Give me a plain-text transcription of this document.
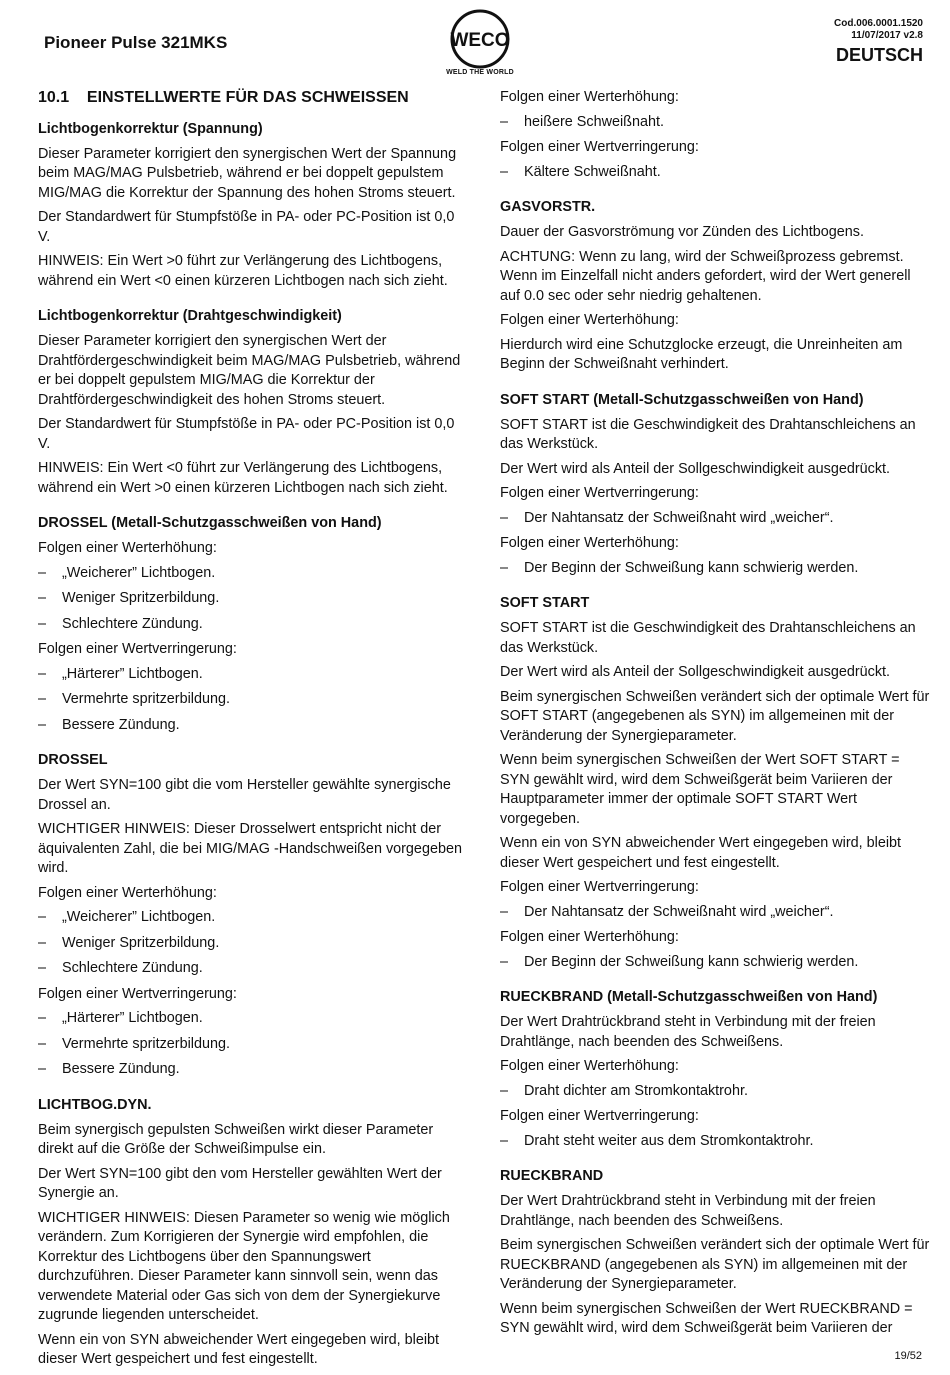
Pioneer Pulse 321MKS	WECO
WELD THE WORLD
Cod.006.0001.1520
11/07/2017 v2.8
DEUTSCH
10.1    EINSTELLWERTE FÜR DAS SCHWEISSEN
Lichtbogenkorrektur (Spannung)

Dieser Parameter korrigiert den synergischen Wert der Spannung beim MAG/MAG Pulsbetrieb, während er bei doppelt gepulstem MIG/MAG die Korrektur der Spannung des hohen Stroms steuert.

Der Standardwert für Stumpfstöße in PA- oder PC-Position ist 0,0 V.

HINWEIS: Ein Wert >0 führt zur Verlängerung des Lichtbogens, während ein Wert <0 einen kürzeren Lichtbogen nach sich zieht.

Lichtbogenkorrektur (Drahtgeschwindigkeit)

Dieser Parameter korrigiert den synergischen Wert der Drahtfördergeschwindigkeit beim MAG/MAG Pulsbetrieb, während er bei doppelt gepulstem MIG/MAG die Korrektur der Drahtfördergeschwindigkeit des hohen Stroms steuert.

Der Standardwert für Stumpfstöße in PA- oder PC-Position ist 0,0 V.

HINWEIS: Ein Wert <0 führt zur Verlängerung des Lichtbogens, während ein Wert >0 einen kürzeren Lichtbogen nach sich zieht.

DROSSEL (Metall-Schutzgasschweißen von Hand)

Folgen einer Werterhöhung:

– „Weicherer” Lichtbogen.
– Weniger Spritzerbildung.
– Schlechtere Zündung.

Folgen einer Wertverringerung:

– „Härterer” Lichtbogen.
– Vermehrte spritzerbildung.
– Bessere Zündung.
DROSSEL

Der Wert SYN=100 gibt die vom Hersteller gewählte synergische Drossel an.

WICHTIGER HINWEIS: Dieser Drosselwert entspricht nicht der äquivalenten Zahl, die bei MIG/MAG -Handschweißen vorgegeben wird.

Folgen einer Werterhöhung:

– „Weicherer” Lichtbogen.
– Weniger Spritzerbildung.
– Schlechtere Zündung.

Folgen einer Wertverringerung:

– „Härterer” Lichtbogen.
– Vermehrte spritzerbildung.
– Bessere Zündung.
LICHTBOG.DYN.

Beim synergisch gepulsten Schweißen wirkt dieser Parameter direkt auf die Größe der Schweißimpulse ein.

Der Wert SYN=100 gibt den vom Hersteller gewählten Wert der Synergie an.

WICHTIGER HINWEIS: Diesen Parameter so wenig wie möglich verändern. Zum Korrigieren der Synergie wird empfohlen, die Korrektur des Lichtbogens über den Spannungswert durchzuführen. Dieser Parameter kann sinnvoll sein, wenn das verwendete Material oder Gas sich von dem der Synergiekurve zugrunde liegenden unterscheidet.

Wenn ein von SYN abweichender Wert eingegeben wird, bleibt dieser Wert gespeichert und fest eingestellt.

Folgen einer Werterhöhung:

– heißere Schweißnaht.

Folgen einer Wertverringerung:

– Kältere Schweißnaht.
GASVORSTR.

Dauer der Gasvorströmung vor Zünden des Lichtbogens.

ACHTUNG: Wenn zu lang, wird der Schweißprozess gebremst. Wenn im Einzelfall nicht anders gefordert, wird der Wert generell auf 0.0 sec oder sehr niedrig gehaltenen.

Folgen einer Werterhöhung:

Hierdurch wird eine Schutzglocke erzeugt, die Unreinheiten am Beginn der Schweißnaht verhindert.

SOFT START (Metall-Schutzgasschweißen von Hand)

SOFT START ist die Geschwindigkeit des Drahtanschleichens an das Werkstück.

Der Wert wird als Anteil der Sollgeschwindigkeit ausgedrückt.

Folgen einer Wertverringerung:

– Der Nahtansatz der Schweißnaht wird „weicher“.

Folgen einer Werterhöhung:

– Der Beginn der Schweißung kann schwierig werden.
SOFT START

SOFT START ist die Geschwindigkeit des Drahtanschleichens an das Werkstück.

Der Wert wird als Anteil der Sollgeschwindigkeit ausgedrückt.

Beim synergischen Schweißen verändert sich der optimale Wert für SOFT START (angegebenen als SYN) im allgemeinen mit der Veränderung der Synergieparameter.

Wenn beim synergischen Schweißen der Wert SOFT START = SYN gewählt wird, wird dem Schweißgerät beim Variieren der Hauptparameter immer der optimale SOFT START Wert vorgegeben.

Wenn ein von SYN abweichender Wert eingegeben wird, bleibt dieser Wert gespeichert und fest eingestellt.

Folgen einer Wertverringerung:

– Der Nahtansatz der Schweißnaht wird „weicher“.

Folgen einer Werterhöhung:

– Der Beginn der Schweißung kann schwierig werden.
RUECKBRAND (Metall-Schutzgasschweißen von Hand)

Der Wert Drahtrückbrand steht in Verbindung mit der freien Drahtlänge, nach beenden des Schweißens.

Folgen einer Werterhöhung:

– Draht dichter am Stromkontaktrohr.

Folgen einer Wertverringerung:

– Draht steht weiter aus dem Stromkontaktrohr.
RUECKBRAND

Der Wert Drahtrückbrand steht in Verbindung mit der freien Drahtlänge, nach beenden des Schweißens.

Beim synergischen Schweißen verändert sich der optimale Wert für RUECKBRAND (angegebenen als SYN) im allgemeinen mit der Veränderung der Synergieparameter.

Wenn beim synergischen Schweißen der Wert RUECKBRAND = SYN gewählt wird, wird dem Schweißgerät beim Variieren der

19/52
